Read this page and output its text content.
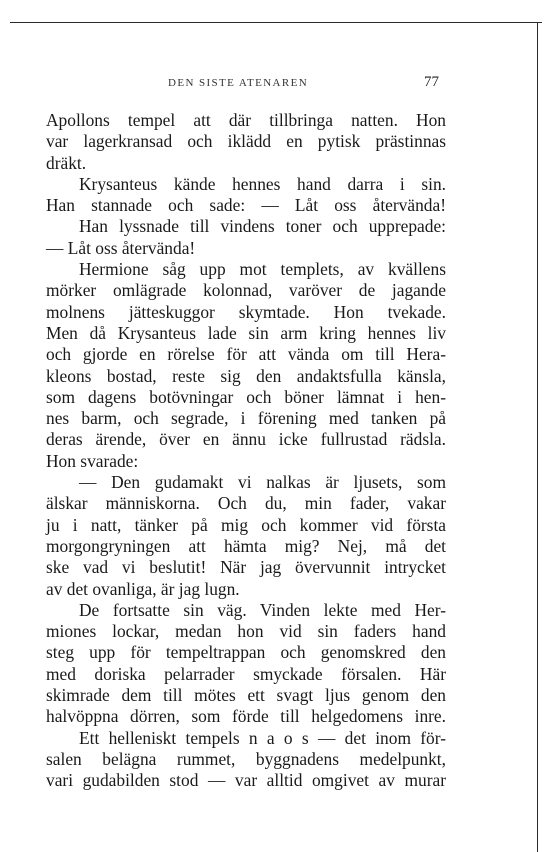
DEN SISTE ATENAREN	77
Apollons tempel att där tillbringa natten. Hon
var lagerkransad och iklädd en pytisk prästinnas
dräkt.
Krysanteus kände hennes hand darra i sin.
Han stannade och sade: — Låt oss återvända!
Han lyssnade till vindens toner och upprepade:
— Låt oss återvända!
Hermione såg upp mot templets, av kvällens
mörker omlägrade kolonnad, varöver de jagande
molnens jätteskuggor skymtade. Hon tvekade.
Men då Krysanteus lade sin arm kring hennes liv
och gjorde en rörelse för att vända om till Hera-
kleons bostad, reste sig den andaktsfulla känsla,
som dagens botövningar och böner lämnat i hen-
nes barm, och segrade, i förening med tanken på
deras ärende, över en ännu icke fullrustad rädsla.
Hon svarade:
— Den gudamakt vi nalkas är ljusets, som
älskar människorna. Och du, min fader, vakar
ju i natt, tänker på mig och kommer vid första
morgongryningen att hämta mig? Nej, må det
ske vad vi beslutit! När jag övervunnit intrycket
av det ovanliga, är jag lugn.
De fortsatte sin väg. Vinden lekte med Her-
miones lockar, medan hon vid sin faders hand
steg upp för tempeltrappan och genomskred den
med doriska pelarrader smyckade försalen. Här
skimrade dem till mötes ett svagt ljus genom den
halvöppna dörren, som förde till helgedomens inre.
Ett helleniskt tempels n a o s — det inom för-
salen belägna rummet, byggnadens medelpunkt,
vari gudabilden stod — var alltid omgivet av murar
